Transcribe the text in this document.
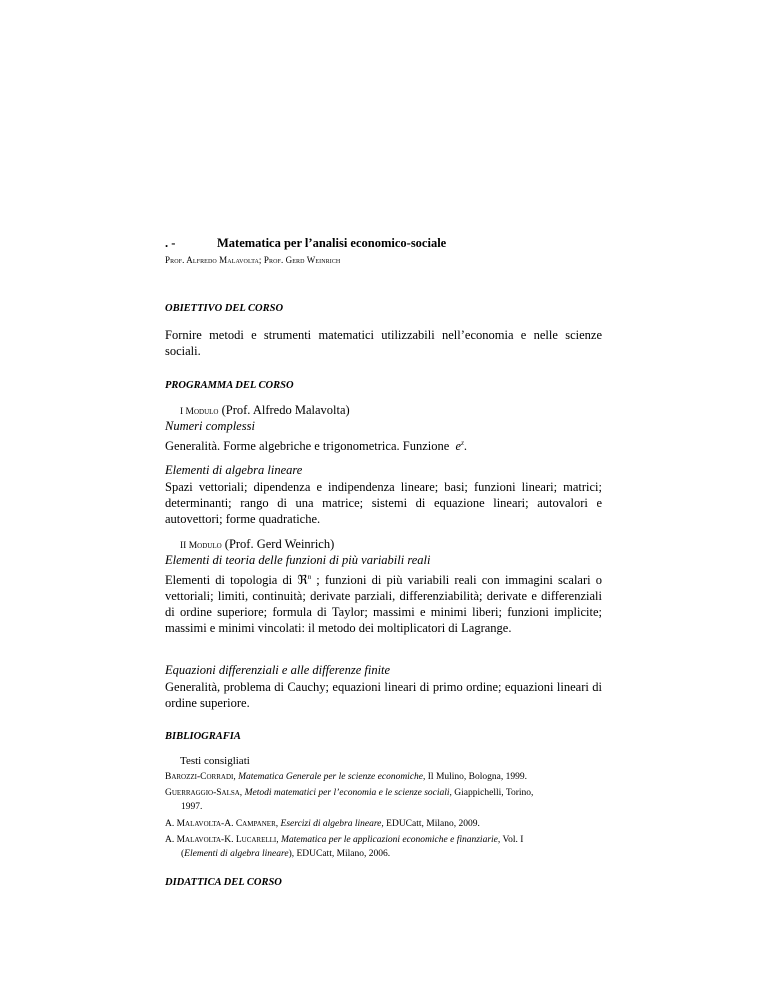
. -	Matematica per l’analisi economico-sociale
Prof. Alfredo Malavolta; Prof. Gerd Weinrich
OBIETTIVO DEL CORSO
Fornire metodi e strumenti matematici utilizzabili nell’economia e nelle scienze sociali.
PROGRAMMA DEL CORSO
I Modulo (Prof. Alfredo Malavolta)
Numeri complessi
Generalità. Forme algebriche e trigonometrica. Funzione $e^z$.
Elementi di algebra lineare
Spazi vettoriali; dipendenza e indipendenza lineare; basi; funzioni lineari; matrici; determinanti; rango di una matrice; sistemi di equazione lineari; autovalori e autovettori; forme quadratiche.
II Modulo (Prof. Gerd Weinrich)
Elementi di teoria delle funzioni di più variabili reali
Elementi di topologia di ℜ$^n$ ; funzioni di più variabili reali con immagini scalari o vettoriali; limiti, continuità; derivate parziali, differenziabilità; derivate e differenziali di ordine superiore; formula di Taylor; massimi e minimi liberi; funzioni implicite; massimi e minimi vincolati: il metodo dei moltiplicatori di Lagrange.
Equazioni differenziali e alle differenze finite
Generalità, problema di Cauchy; equazioni lineari di primo ordine; equazioni lineari di ordine superiore.
BIBLIOGRAFIA
Testi consigliati
Barozzi-Corradi, Matematica Generale per le scienze economiche, Il Mulino, Bologna, 1999.
Guerraggio-Salsa, Metodi matematici per l’economia e le scienze sociali, Giappichelli, Torino,
1997.
A. Malavolta-A. Campaner, Esercizi di algebra lineare, EDUCatt, Milano, 2009.
A. Malavolta-K. Lucarelli, Matematica per le applicazioni economiche e finanziarie, Vol. I
(Elementi di algebra lineare), EDUCatt, Milano, 2006.
DIDATTICA DEL CORSO
